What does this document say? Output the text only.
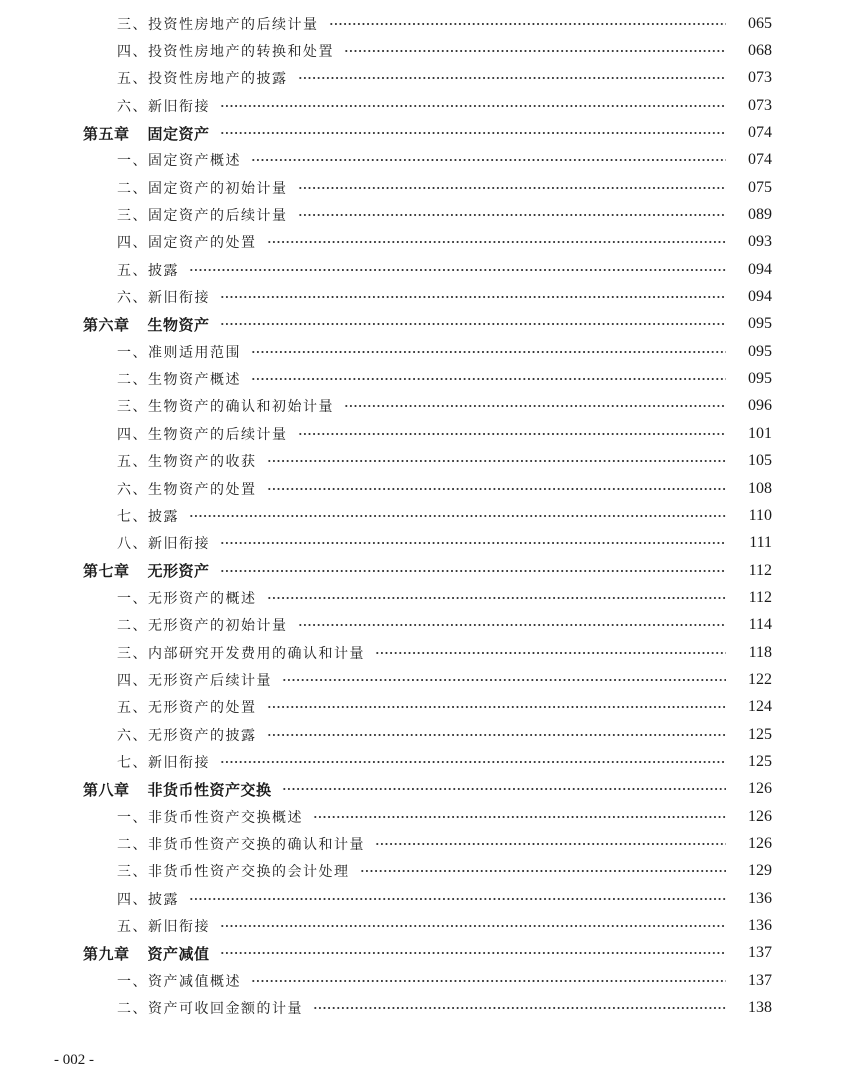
三、投资性房地产的后续计量	065
四、投资性房地产的转换和处置	068
五、投资性房地产的披露	073
六、新旧衔接	073
第五章 固定资产	074
一、固定资产概述	074
二、固定资产的初始计量	075
三、固定资产的后续计量	089
四、固定资产的处置	093
五、披露	094
六、新旧衔接	094
第六章 生物资产	095
一、准则适用范围	095
二、生物资产概述	095
三、生物资产的确认和初始计量	096
四、生物资产的后续计量	101
五、生物资产的收获	105
六、生物资产的处置	108
七、披露	110
八、新旧衔接	111
第七章 无形资产	112
一、无形资产的概述	112
二、无形资产的初始计量	114
三、内部研究开发费用的确认和计量	118
四、无形资产后续计量	122
五、无形资产的处置	124
六、无形资产的披露	125
七、新旧衔接	125
第八章 非货币性资产交换	126
一、非货币性资产交换概述	126
二、非货币性资产交换的确认和计量	126
三、非货币性资产交换的会计处理	129
四、披露	136
五、新旧衔接	136
第九章 资产减值	137
一、资产减值概述	137
二、资产可收回金额的计量	138
- 002 -
